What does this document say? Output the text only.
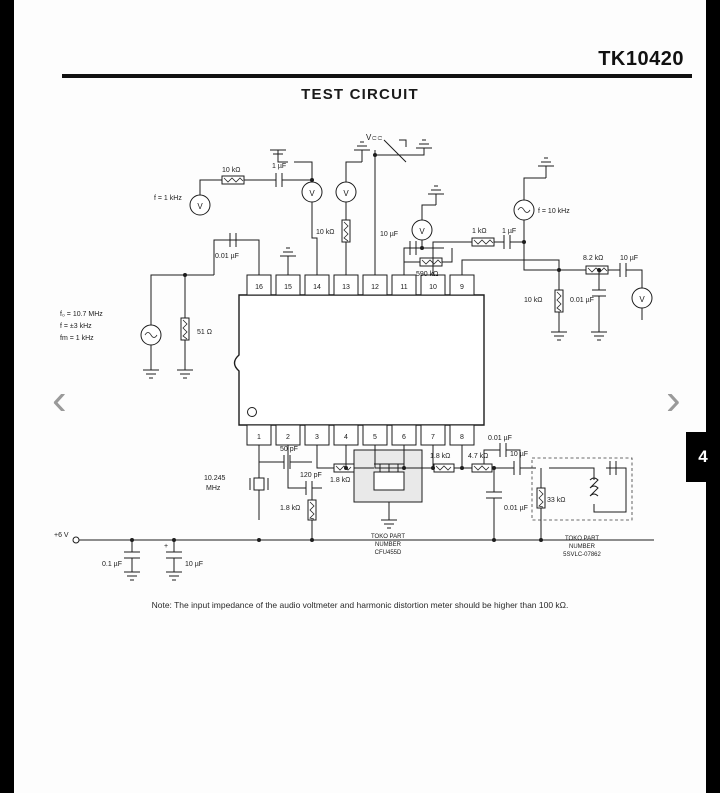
TK10420
TEST CIRCUIT
‹	›
16	15	14	13	12	11	10	9
1	2	3	4	5	6	7	8
51 Ω
0.01 µF
f₀ = 10.7 MHz
f = ±3 kHz
fm = 1 kHz
V
f = 1 kHz
10 kΩ
1 µF
V	V
10 kΩ
V𝚌𝚌
10 µF
590 kΩ
V	1 kΩ 1 µF
f = 10 kHz
8.2 kΩ 10 µF
V
10 kΩ	0.01 µF
50 pF
10.245
MHz
120 pF
1.8 kΩ
1.8 kΩ
TOKO PART
NUMBER
CFU455D
1.8 kΩ	4.7 kΩ	10 µF
0.01 µF
0.01 µF
33 kΩ
TOKO PART
NUMBER
5SVLC-07862
+6 V
0.1 µF
+
10 µF
Note: The input impedance of the audio voltmeter and harmonic distortion meter should be higher than 100 kΩ.
4
